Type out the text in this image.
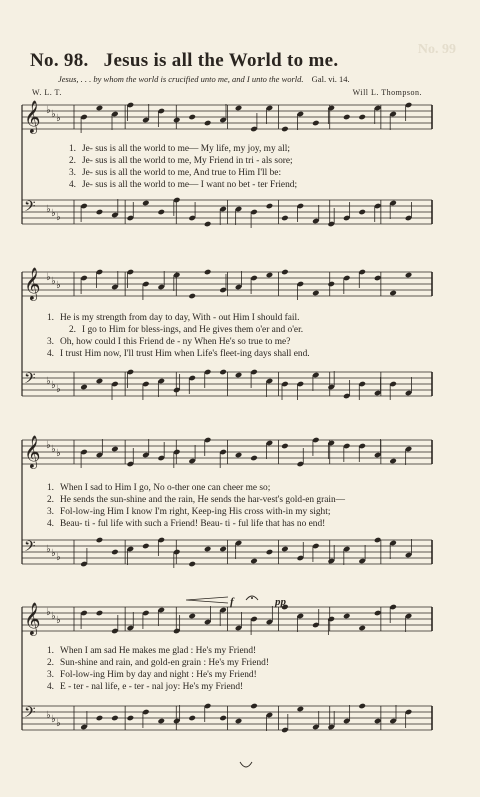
No. 99
No. 98. Jesus is all the World to me.
Jesus, . . . by whom the world is crucified unto me, and I unto the world. Gal. vi. 14.
W. L. T.	Will L. Thompson.
𝄞 ♭ ♭ ♭
𝄢 ♭ ♭ ♭
𝄞 ♭ ♭ ♭
𝄢 ♭ ♭ ♭
𝄞 ♭ ♭ ♭
𝄢 ♭ ♭ ♭
𝄞 ♭ ♭ ♭
𝄢 ♭ ♭ ♭
1. Je- sus is all the world to me— My life, my joy, my all;
2. Je- sus is all the world to me, My Friend in tri - als sore;
3. Je- sus is all the world to me, And true to Him I'll be:
4. Je- sus is all the world to me— I want no bet - ter Friend;
1. He is my strength from day to day, With - out Him I should fail.
2. I go to Him for bless-ings, and He gives them o'er and o'er.
3. Oh, how could I this Friend de - ny When He's so true to me?
4. I trust Him now, I'll trust Him when Life's fleet-ing days shall end.
1. When I sad to Him I go, No o-ther one can cheer me so;
2. He sends the sun-shine and the rain, He sends the har-vest's gold-en grain—
3. Fol-low-ing Him I know I'm right, Keep-ing His cross with-in my sight;
4. Beau- ti - ful life with such a Friend! Beau- ti - ful life that has no end!
1. When I am sad He makes me glad : He's my Friend!
2. Sun-shine and rain, and gold-en grain : He's my Friend!
3. Fol-low-ing Him by day and night : He's my Friend!
4. E - ter - nal life, e - ter - nal joy: He's my Friend!
f	pp
